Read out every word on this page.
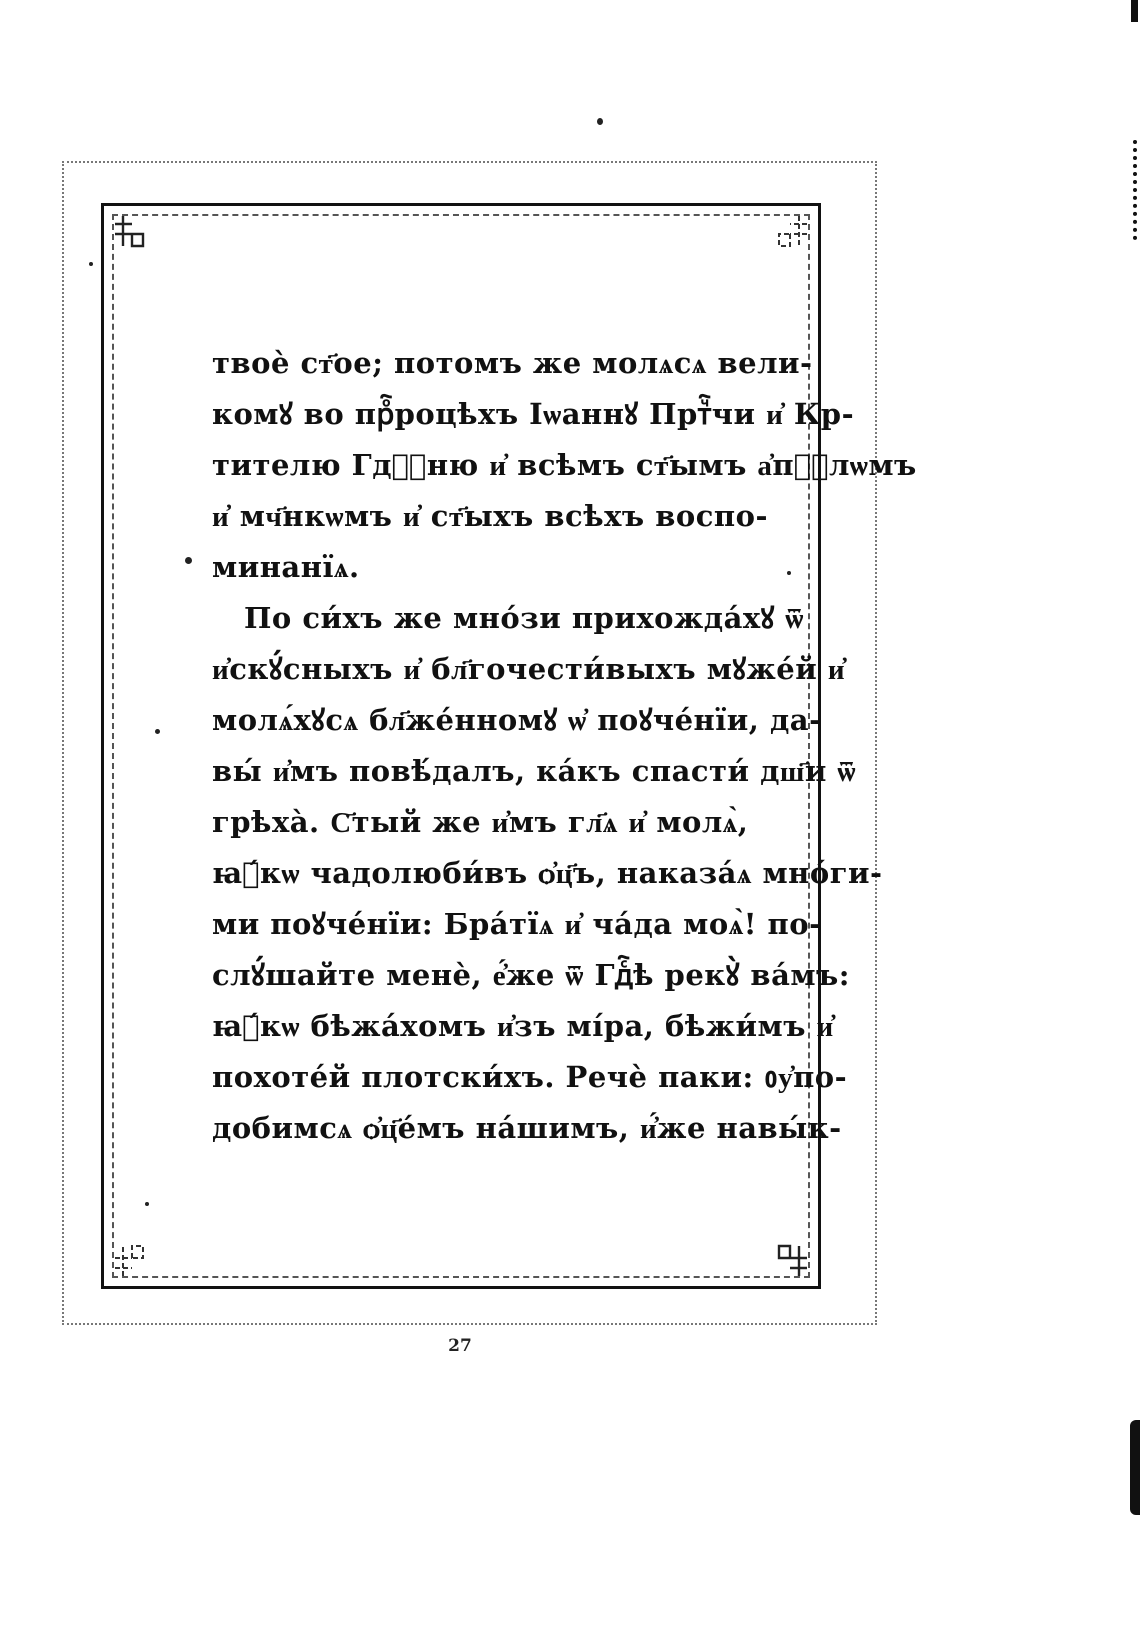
твоѐ ст҃ое; потомъ же молѧсѧ вели-
комꙋ во прⷪ҇роцѣхъ Іѡаннꙋ Пртⷱ҇чи и҆ Кр-
тителю Гдⷭ҇ню и҆ всѣмъ ст҃ымъ а҆пⷭ҇лѡмъ
и҆ мч҃нкѡмъ и҆ ст҃ыхъ всѣхъ воспо-
минанїѧ.
По си́хъ же мно́зи прихожда́хꙋ ѿ
и҆скꙋ́сныхъ и҆ бл҃гочести́выхъ мꙋже́й и҆
молѧ́хꙋсѧ бл҃жéнномꙋ ѡ҆ поꙋче́нїи, да-
вы́ и҆мъ повѣ́далъ, ка́къ спасти́ дш҃и ѿ
грѣха̀. С҃тый же и҆мъ гл҃ѧ и҆ молѧ̀,
ꙗ҆́кѡ чадолюби́въ ѻ҆ц҃ъ, наказа́ѧ мно́ги-
ми поꙋче́нїи: Бра́тїѧ и҆ ча́да моѧ̀! по-
слꙋ́шайте менѐ, е҆́же ѿ Гдⷭ҇ѣ рекꙋ̀ ва́мъ:
ꙗ҆́кѡ бѣжа́хомъ и҆зъ мі́ра, бѣжи́мъ и҆
похоте́й плотски́хъ. Речѐ паки: ᲂу҆по-
добимсѧ ѻ҆ц҃е́мъ на́шимъ, и҆́же навы́к-
27
